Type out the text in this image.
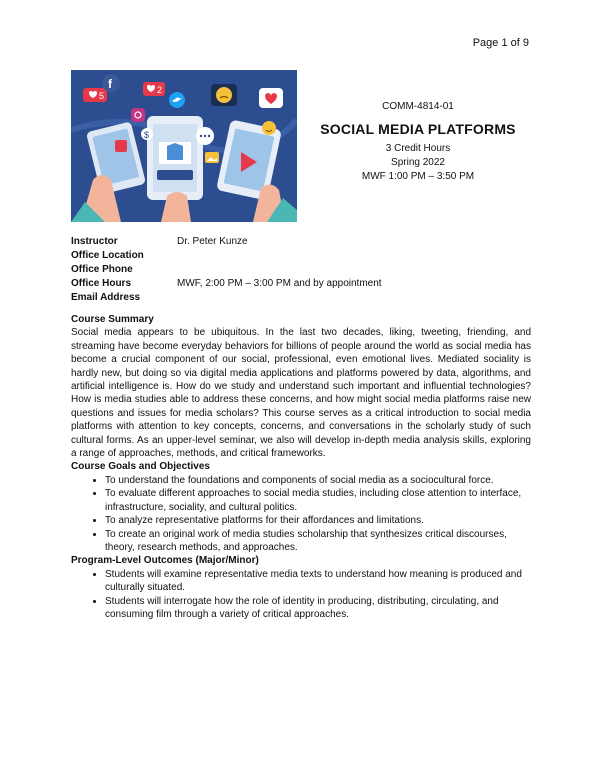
Page 1 of 9
5
f	2
$
COMM-4814-01
SOCIAL MEDIA PLATFORMS
3 Credit Hours
Spring 2022
MWF 1:00 PM – 3:50 PM
Instructor	Dr. Peter Kunze
Office Location
Office Phone
Office Hours	MWF, 2:00 PM – 3:00 PM and by appointment
Email Address
Course Summary

Social media appears to be ubiquitous. In the last two decades, liking, tweeting, friending, and streaming have become everyday behaviors for billions of people around the world as social media has become a crucial component of our social, professional, even emotional lives. Mediated sociality is hardly new, but doing so via digital media applications and platforms powered by data, algorithms, and artificial intelligence is. How do we study and understand such important and influential technologies? How is media studies able to address these concerns, and how might social media platforms raise new questions and issues for media scholars? This course serves as a critical introduction to social media platforms with attention to key concepts, concerns, and conversations in the scholarly study of such cultural forms. As an upper-level seminar, we also will develop in-depth media analysis skills, exploring a range of approaches, methods, and critical frameworks.

Course Goals and Objectives
• To understand the foundations and components of social media as a sociocultural force.
• To evaluate different approaches to social media studies, including close attention to interface, infrastructure, sociality, and cultural politics.
• To analyze representative platforms for their affordances and limitations.
• To create an original work of media studies scholarship that synthesizes critical discourses, theory, research methods, and approaches.
Program-Level Outcomes (Major/Minor)
• Students will examine representative media texts to understand how meaning is produced and culturally situated.
• Students will interrogate how the role of identity in producing, distributing, circulating, and consuming film through a variety of critical approaches.
